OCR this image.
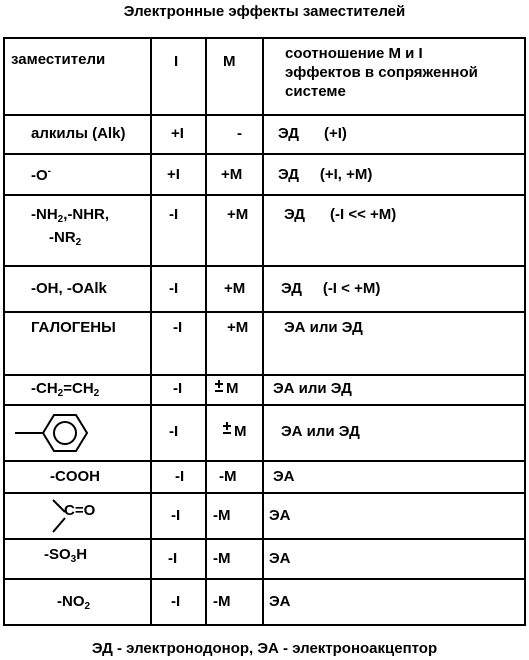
Электронные эффекты заместителей
заместители	I	M	соотношение М и I
эффектов в сопряженной
системе

алкилы (Alk)	+I	-	ЭД      (+I)

-O-	+I	+M	ЭД     (+I, +M)

$-NH_2$,-NHR,
$-NR_2$	-I	+M	ЭД      (-I << +M)

-OH, -OAlk	-I	+M	ЭД     (-I < +M)

ГАЛОГЕНЫ	-I	+M	ЭА или ЭД

$-CH_2=CH_2$	-I	M	ЭА или ЭД

-I	M	ЭА или ЭД

-COOH	-I	-M	ЭА

C=O	-I	-M	ЭА

$-SO_3H$	-I	-M	ЭА

$-NO_2$	-I	-M	ЭА
ЭД - электронодонор, ЭА - электроноакцептор
